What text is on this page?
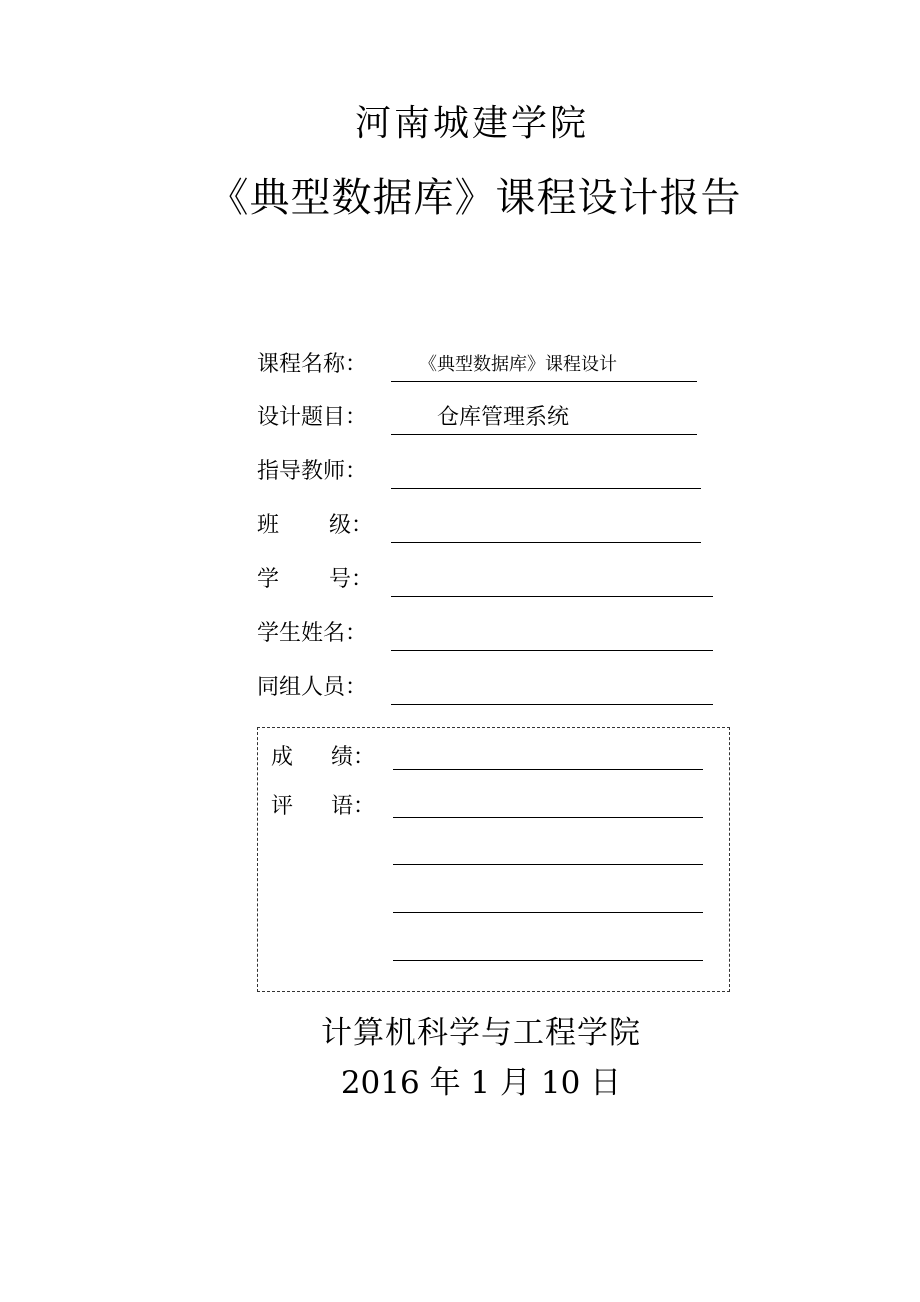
河南城建学院
《典型数据库》课程设计报告
课程名称：	《典型数据库》课程设计
设计题目：	仓库管理系统
指导教师：
班 级：
学 号：
学生姓名：
同组人员：
成 绩：
评 语：
计算机科学与工程学院
2016 年 1 月 10 日
